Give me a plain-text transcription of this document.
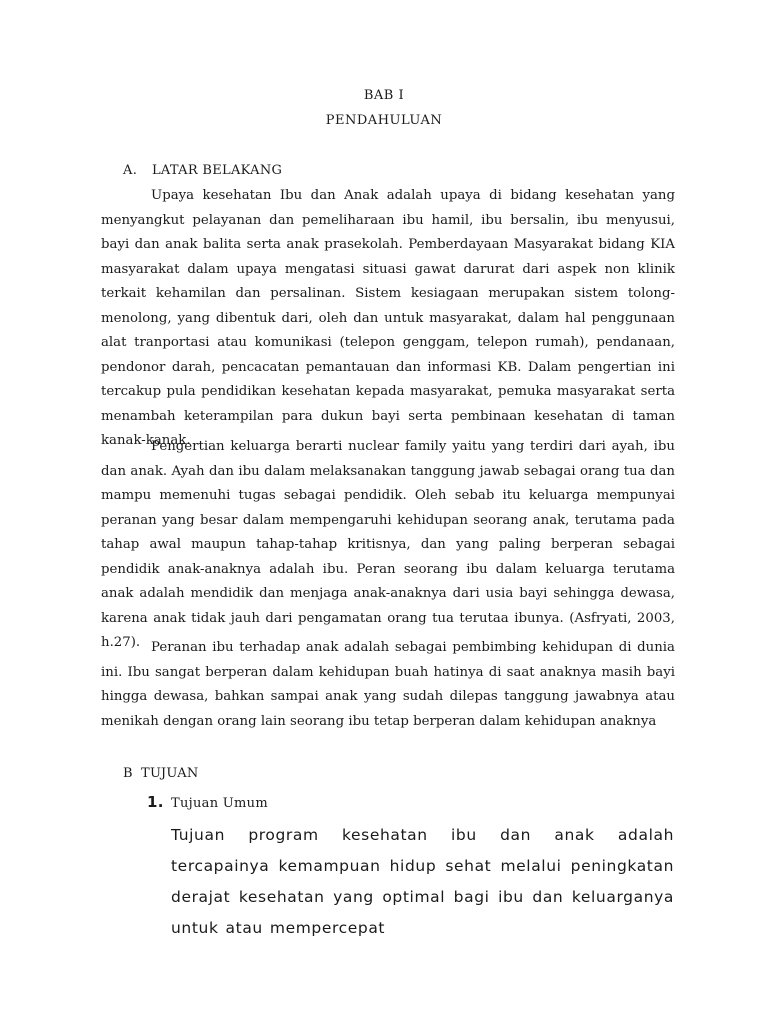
BAB I
PENDAHULUAN
A. LATAR BELAKANG

Upaya kesehatan Ibu dan Anak adalah upaya di bidang kesehatan yang menyangkut pelayanan dan pemeliharaan ibu hamil, ibu bersalin, ibu menyusui, bayi dan anak balita serta anak prasekolah. Pemberdayaan Masyarakat bidang KIA masyarakat dalam upaya mengatasi situasi gawat darurat dari aspek non klinik terkait kehamilan dan persalinan. Sistem kesiagaan merupakan sistem tolong-menolong, yang dibentuk dari, oleh dan untuk masyarakat, dalam hal penggunaan alat tranportasi atau komunikasi (telepon genggam, telepon rumah), pendanaan, pendonor darah, pencacatan pemantauan dan informasi KB. Dalam pengertian ini tercakup pula pendidikan kesehatan kepada masyarakat, pemuka masyarakat serta menambah keterampilan para dukun bayi serta pembinaan kesehatan di taman kanak-kanak.

Pengertian keluarga berarti nuclear family yaitu yang terdiri dari ayah, ibu dan anak. Ayah dan ibu dalam melaksanakan tanggung jawab sebagai orang tua dan mampu memenuhi tugas sebagai pendidik. Oleh sebab itu keluarga mempunyai peranan yang besar dalam mempengaruhi kehidupan seorang anak, terutama pada tahap awal maupun tahap-tahap kritisnya, dan yang paling berperan sebagai pendidik anak-anaknya adalah ibu. Peran seorang ibu dalam keluarga terutama anak adalah mendidik dan menjaga anak-anaknya dari usia bayi sehingga dewasa, karena anak tidak jauh dari pengamatan orang tua terutaa ibunya. (Asfryati, 2003, h.27). Peranan ibu terhadap anak adalah sebagai pembimbing kehidupan di dunia ini. Ibu sangat berperan dalam kehidupan buah hatinya di saat anaknya masih bayi hingga dewasa, bahkan sampai anak yang sudah dilepas tanggung jawabnya atau menikah dengan orang lain seorang ibu tetap berperan dalam kehidupan anaknya

B TUJUAN
1. Tujuan Umum

Tujuan program kesehatan ibu dan anak adalah tercapainya kemampuan hidup sehat melalui peningkatan derajat kesehatan yang optimal bagi ibu dan keluarganya untuk atau mempercepat
